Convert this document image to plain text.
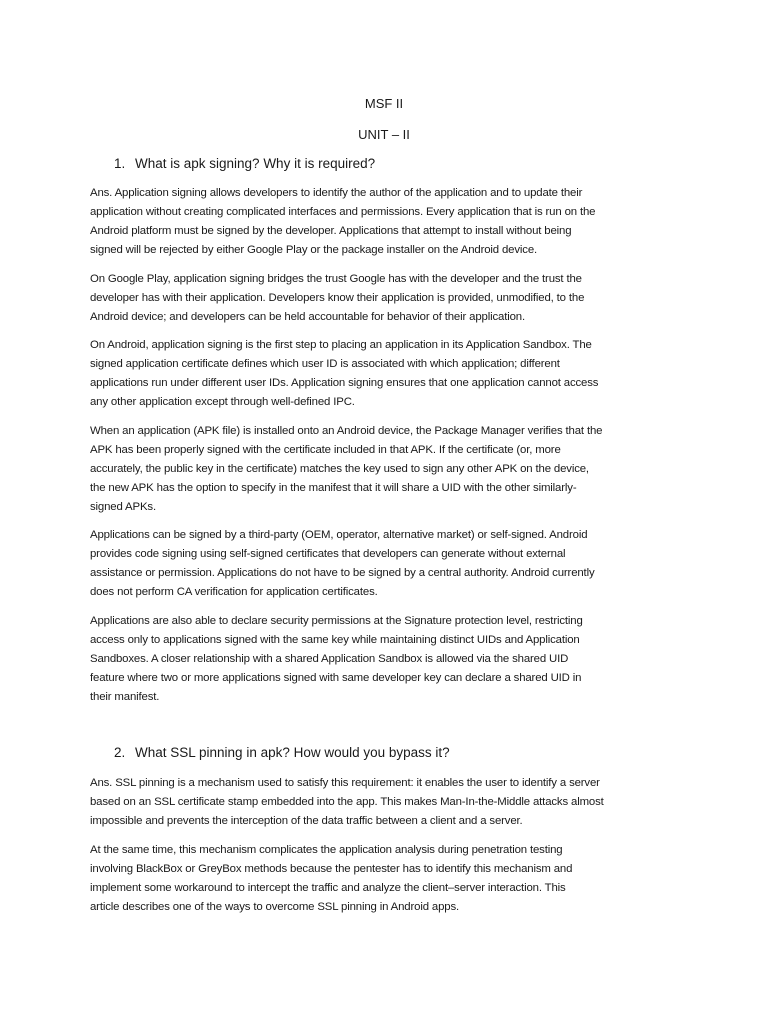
MSF II
UNIT – II
1. What is apk signing? Why it is required?
Ans. Application signing allows developers to identify the author of the application and to update their
application without creating complicated interfaces and permissions. Every application that is run on the
Android platform must be signed by the developer. Applications that attempt to install without being
signed will be rejected by either Google Play or the package installer on the Android device.
On Google Play, application signing bridges the trust Google has with the developer and the trust the
developer has with their application. Developers know their application is provided, unmodified, to the
Android device; and developers can be held accountable for behavior of their application.
On Android, application signing is the first step to placing an application in its Application Sandbox. The
signed application certificate defines which user ID is associated with which application; different
applications run under different user IDs. Application signing ensures that one application cannot access
any other application except through well-defined IPC.
When an application (APK file) is installed onto an Android device, the Package Manager verifies that the
APK has been properly signed with the certificate included in that APK. If the certificate (or, more
accurately, the public key in the certificate) matches the key used to sign any other APK on the device,
the new APK has the option to specify in the manifest that it will share a UID with the other similarly-
signed APKs.
Applications can be signed by a third-party (OEM, operator, alternative market) or self-signed. Android
provides code signing using self-signed certificates that developers can generate without external
assistance or permission. Applications do not have to be signed by a central authority. Android currently
does not perform CA verification for application certificates.
Applications are also able to declare security permissions at the Signature protection level, restricting
access only to applications signed with the same key while maintaining distinct UIDs and Application
Sandboxes. A closer relationship with a shared Application Sandbox is allowed via the shared UID
feature where two or more applications signed with same developer key can declare a shared UID in
their manifest.
2. What SSL pinning in apk? How would you bypass it?
Ans. SSL pinning is a mechanism used to satisfy this requirement: it enables the user to identify a server
based on an SSL certificate stamp embedded into the app. This makes Man-In-the-Middle attacks almost
impossible and prevents the interception of the data traffic between a client and a server.
At the same time, this mechanism complicates the application analysis during penetration testing
involving BlackBox or GreyBox methods because the pentester has to identify this mechanism and
implement some workaround to intercept the traffic and analyze the client–server interaction. This
article describes one of the ways to overcome SSL pinning in Android apps.
